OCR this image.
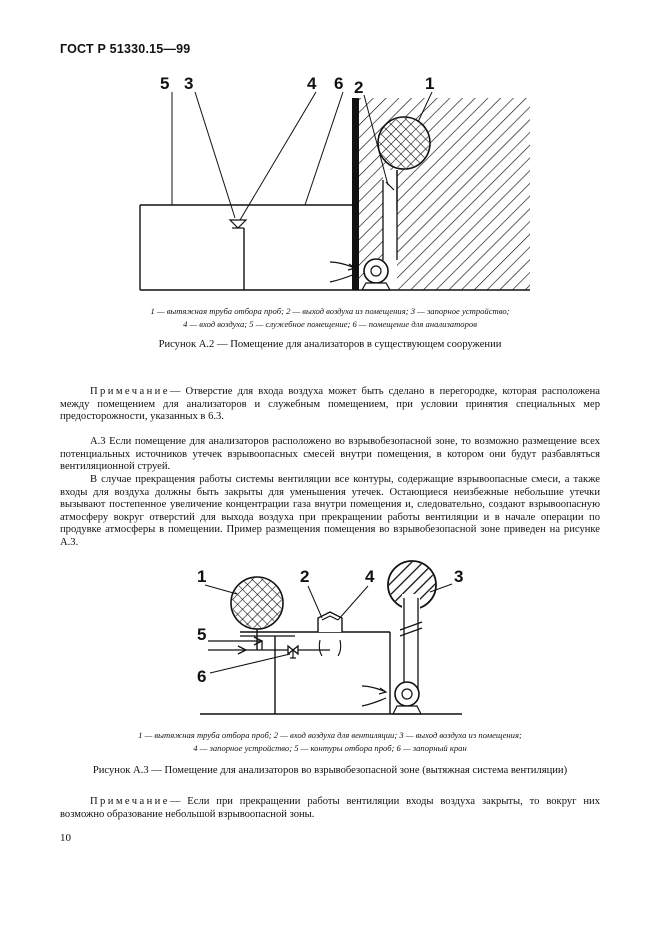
ГОСТ Р 51330.15—99
5 3	4 6 2	1
1 — вытяжная труба отбора проб; 2 — выход воздуха из помещения; 3 — запорное устройство;
4 — вход воздуха; 5 — служебное помещение; 6 — помещение для анализаторов
Рисунок А.2 — Помещение для анализаторов в существующем сооружении
Примечание— Отверстие для входа воздуха может быть сделано в перегородке, которая расположена между помещением для анализаторов и служебным помещением, при условии принятия специальных мер предосторожности, указанных в 6.3.
А.3 Если помещение для анализаторов расположено во взрывобезопасной зоне, то возможно размещение всех потенциальных источников утечек взрывоопасных смесей внутри помещения, в котором они будут разбавляться вентиляционной струей.
В случае прекращения работы системы вентиляции все контуры, содержащие взрывоопасные смеси, а также входы для воздуха должны быть закрыты для уменьшения утечек. Остающиеся неизбежные небольшие утечки вызывают постепенное увеличение концентрации газа внутри помещения и, следовательно, создают взрывоопасную атмосферу вокруг отверстий для выхода воздуха при прекращении работы вентиляции и в начале операции по продувке атмосферы в помещении. Пример размещения помещения во взрывобезопасной зоне приведен на рисунке А.3.
1	2	4	3
5
6
1 — вытяжная труба отбора проб; 2 — вход воздуха для вентиляции; 3 — выход воздуха из помещения;
4 — запорное устройство; 5 — контуры отбора проб; 6 — запорный кран
Рисунок А.3 — Помещение для анализаторов во взрывобезопасной зоне (вытяжная система вентиляции)
Примечание— Если при прекращении работы вентиляции входы воздуха закрыты, то вокруг них возможно образование небольшой взрывоопасной зоны.
10
